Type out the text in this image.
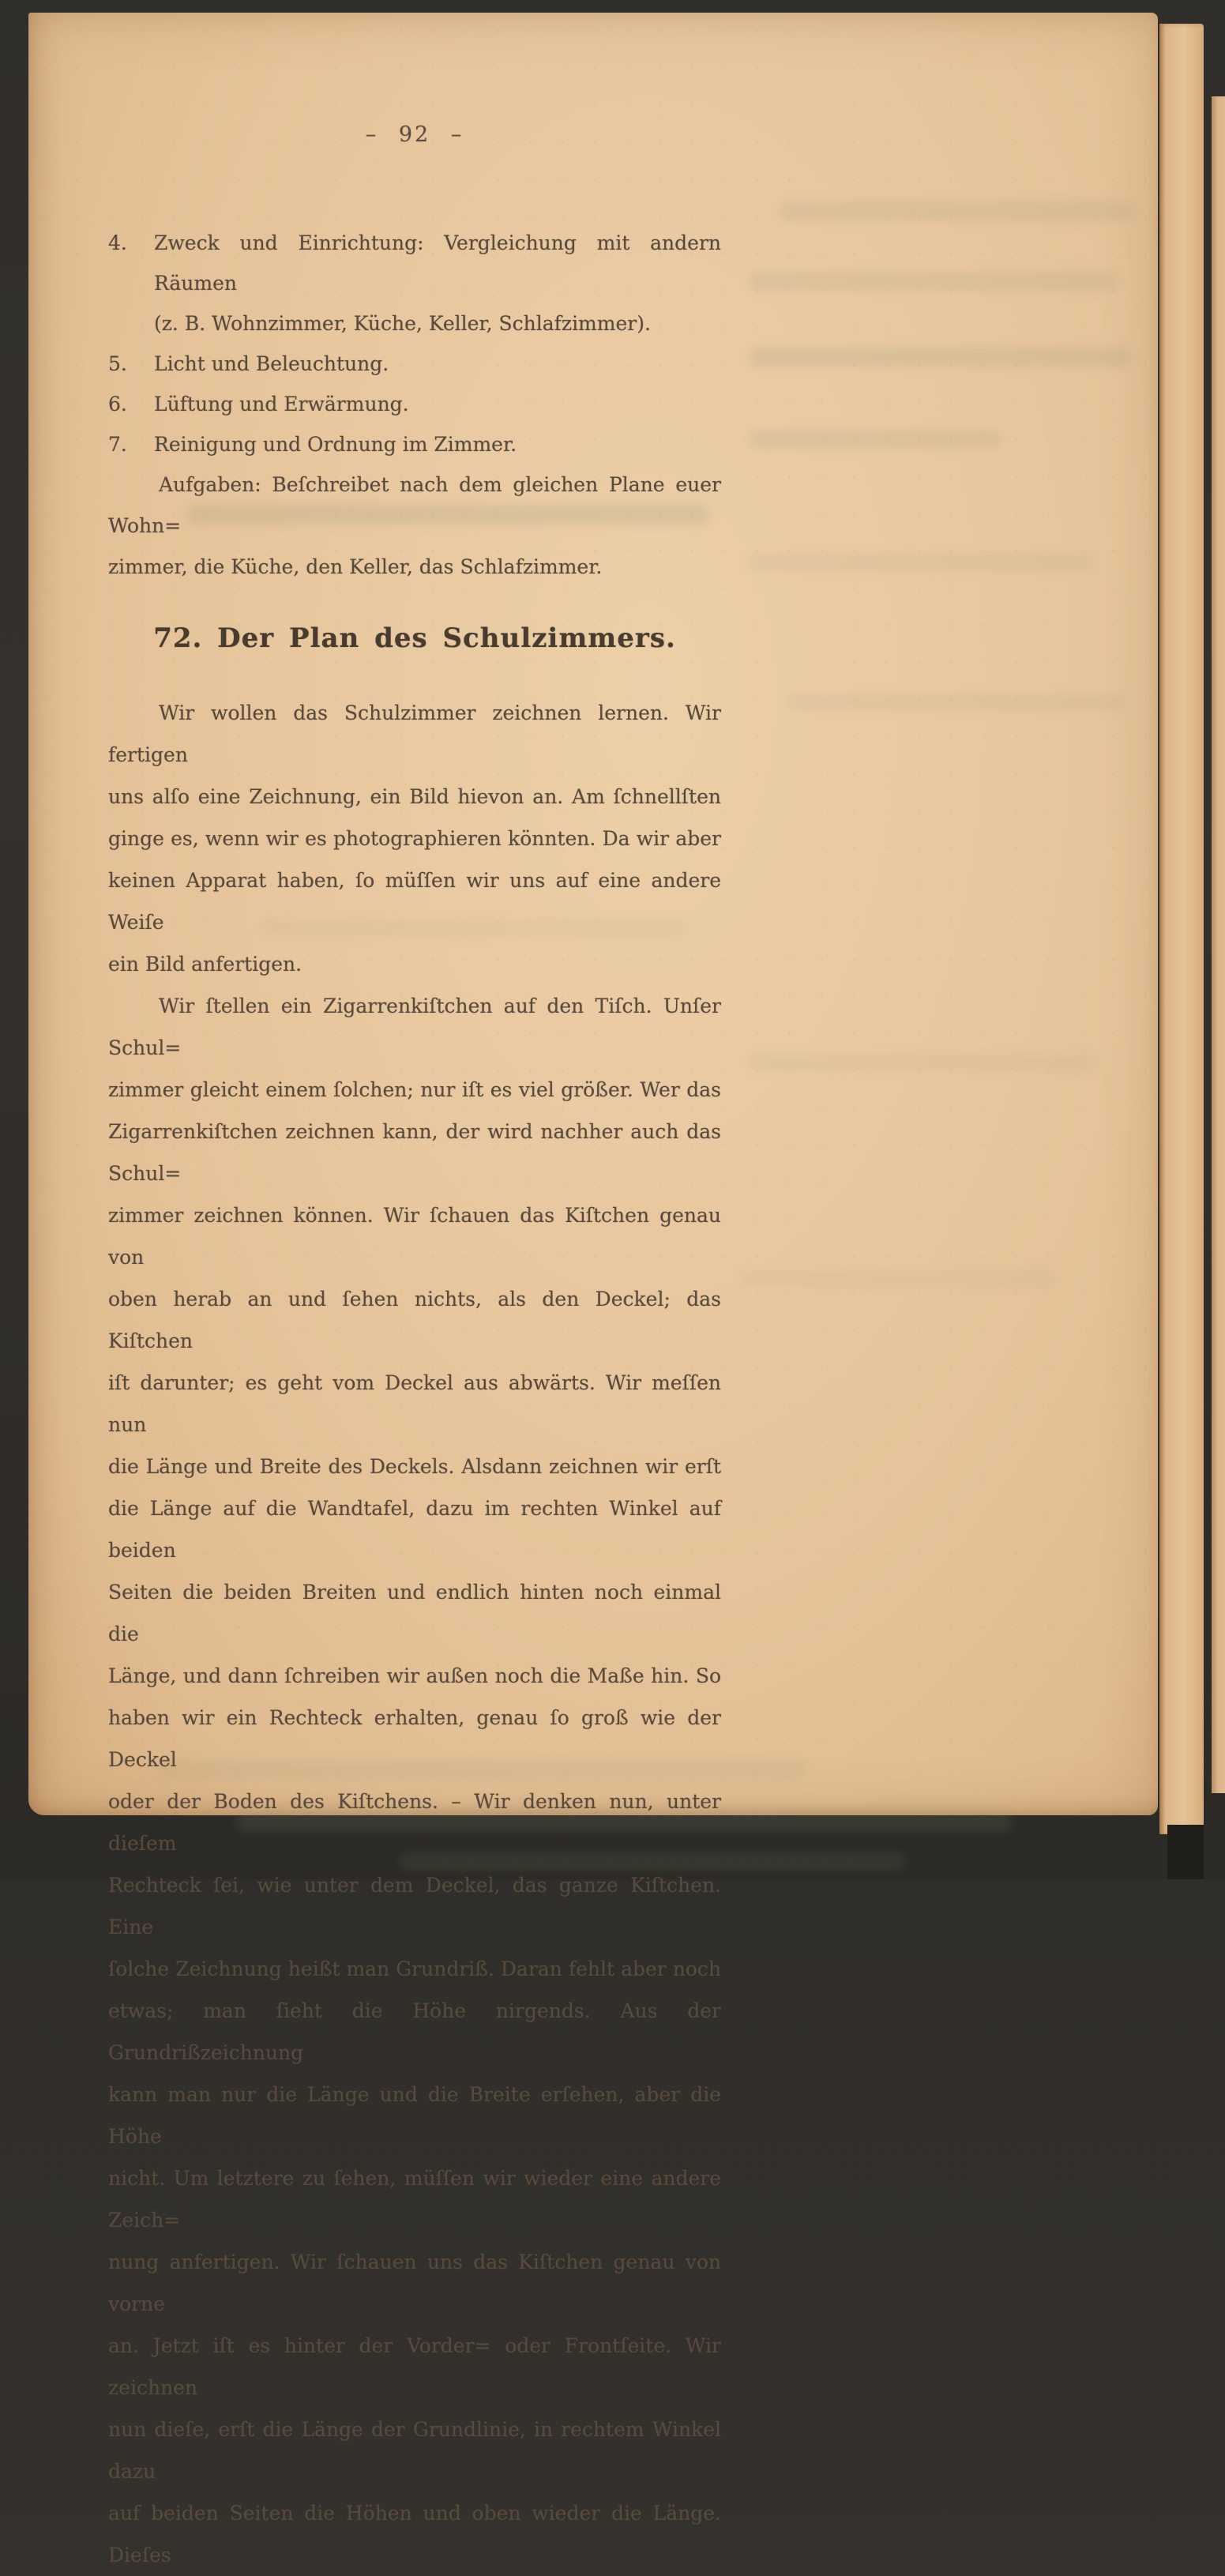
– 92 –
4. Zweck und Einrichtung: Vergleichung mit andern Räumen
(z. B. Wohnzimmer, Küche, Keller, Schlafzimmer).
5. Licht und Beleuchtung.
6. Lüftung und Erwärmung.
7. Reinigung und Ordnung im Zimmer.
Aufgaben: Beſchreibet nach dem gleichen Plane euer Wohn=
zimmer, die Küche, den Keller, das Schlafzimmer.
72. Der Plan des Schulzimmers.
Wir wollen das Schulzimmer zeichnen lernen. Wir fertigen
uns alſo eine Zeichnung, ein Bild hievon an. Am ſchnellſten
ginge es, wenn wir es photographieren könnten. Da wir aber
keinen Apparat haben, ſo müſſen wir uns auf eine andere Weiſe
ein Bild anfertigen.
Wir ſtellen ein Zigarrenkiſtchen auf den Tiſch. Unſer Schul=
zimmer gleicht einem ſolchen; nur iſt es viel größer. Wer das
Zigarrenkiſtchen zeichnen kann, der wird nachher auch das Schul=
zimmer zeichnen können. Wir ſchauen das Kiſtchen genau von
oben herab an und ſehen nichts, als den Deckel; das Kiſtchen
iſt darunter; es geht vom Deckel aus abwärts. Wir meſſen nun
die Länge und Breite des Deckels. Alsdann zeichnen wir erſt
die Länge auf die Wandtafel, dazu im rechten Winkel auf beiden
Seiten die beiden Breiten und endlich hinten noch einmal die
Länge, und dann ſchreiben wir außen noch die Maße hin. So
haben wir ein Rechteck erhalten, genau ſo groß wie der Deckel
oder der Boden des Kiſtchens. – Wir denken nun, unter dieſem
Rechteck ſei, wie unter dem Deckel, das ganze Kiſtchen. Eine
ſolche Zeichnung heißt man Grundriß. Daran fehlt aber noch
etwas; man ſieht die Höhe nirgends. Aus der Grundrißzeichnung
kann man nur die Länge und die Breite erſehen, aber die Höhe
nicht. Um letztere zu ſehen, müſſen wir wieder eine andere Zeich=
nung anfertigen. Wir ſchauen uns das Kiſtchen genau von vorne
an. Jetzt iſt es hinter der Vorder= oder Frontſeite. Wir zeichnen
nun dieſe, erſt die Länge der Grundlinie, in rechtem Winkel dazu
auf beiden Seiten die Höhen und oben wieder die Länge. Dieſes
